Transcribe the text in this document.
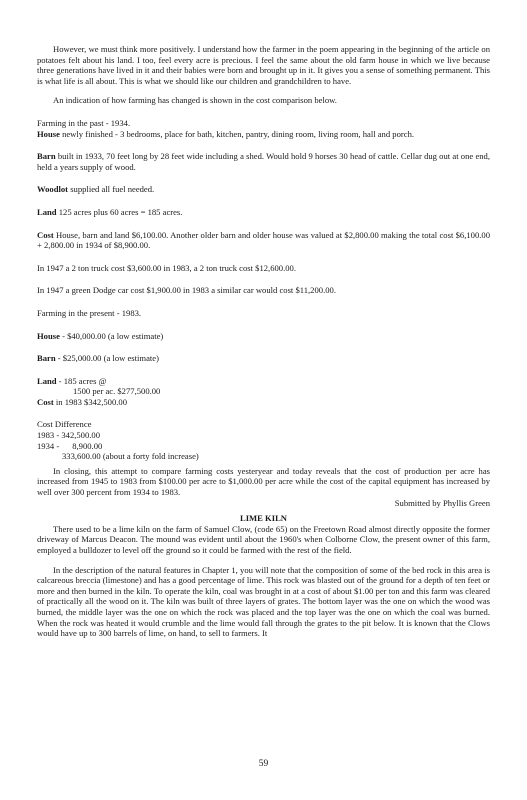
However, we must think more positively. I understand how the farmer in the poem appearing in the beginning of the article on potatoes felt about his land. I too, feel every acre is precious. I feel the same about the old farm house in which we live because three generations have lived in it and their babies were born and brought up in it. It gives you a sense of something permanent. This is what life is all about. This is what we should like our children and grandchildren to have.

An indication of how farming has changed is shown in the cost comparison below.

Farming in the past - 1934.

House newly finished - 3 bedrooms, place for bath, kitchen, pantry, dining room, living room, hall and porch.

Barn built in 1933, 70 feet long by 28 feet wide including a shed. Would hold 9 horses 30 head of cattle. Cellar dug out at one end, held a years supply of wood.

Woodlot supplied all fuel needed.

Land 125 acres plus 60 acres = 185 acres.

Cost House, barn and land $6,100.00. Another older barn and older house was valued at $2,800.00 making the total cost $6,100.00 + 2,800.00 in 1934 of $8,900.00.

In 1947 a 2 ton truck cost $3,600.00 in 1983, a 2 ton truck cost $12,600.00.

In 1947 a green Dodge car cost $1,900.00 in 1983 a similar car would cost $11,200.00.

Farming in the present - 1983.

House - $40,000.00 (a low estimate)

Barn - $25,000.00 (a low estimate)

Land - 185 acres @

1500 per ac. $277,500.00

Cost in 1983 $342,500.00

Cost Difference

1983 - 342,500.00

1934 - 8,900.00

333,600.00 (about a forty fold increase)

In closing, this attempt to compare farming costs yesteryear and today reveals that the cost of production per acre has increased from 1945 to 1983 from $100.00 per acre to $1,000.00 per acre while the cost of the capital equipment has increased by well over 300 percent from 1934 to 1983.

Submitted by Phyllis Green

LIME KILN

There used to be a lime kiln on the farm of Samuel Clow, (code 65) on the Freetown Road almost directly opposite the former driveway of Marcus Deacon. The mound was evident until about the 1960's when Colborne Clow, the present owner of this farm, employed a bulldozer to level off the ground so it could be farmed with the rest of the field.

In the description of the natural features in Chapter 1, you will note that the composition of some of the bed rock in this area is calcareous breccia (limestone) and has a good percentage of lime. This rock was blasted out of the ground for a depth of ten feet or more and then burned in the kiln. To operate the kiln, coal was brought in at a cost of about $1.00 per ton and this farm was cleared of practically all the wood on it. The kiln was built of three layers of grates. The bottom layer was the one on which the wood was burned, the middle layer was the one on which the rock was placed and the top layer was the one on which the coal was burned. When the rock was heated it would crumble and the lime would fall through the grates to the pit below. It is known that the Clows would have up to 300 barrels of lime, on hand, to sell to farmers. It

59
